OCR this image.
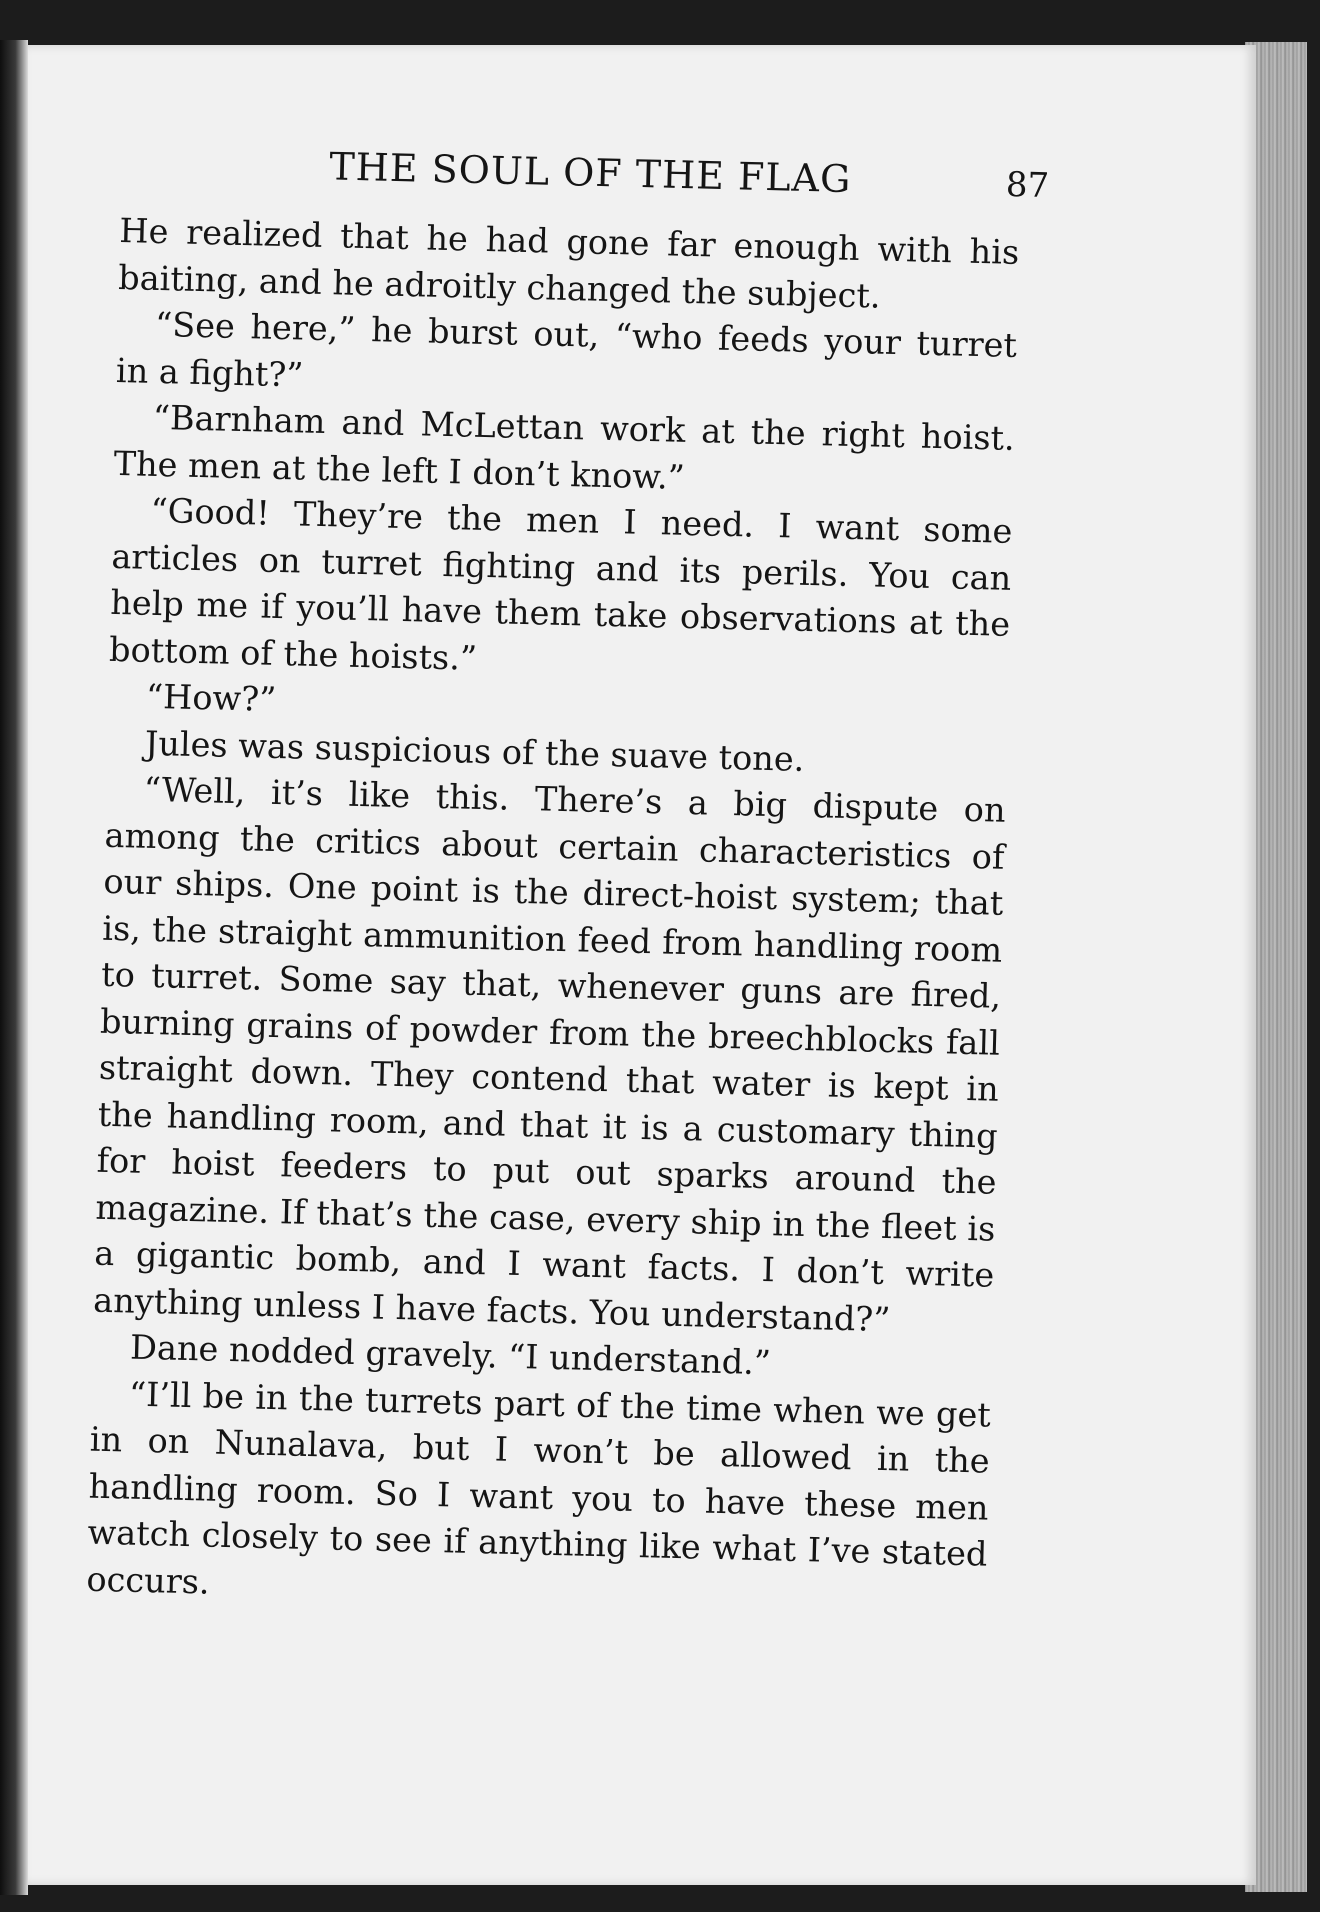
THE SOUL OF THE FLAG	87

He realized that he had gone far enough with his baiting, and he adroitly changed the subject.

“See here,” he burst out, “who feeds your turret in a fight?”

“Barnham and McLettan work at the right hoist. The men at the left I don’t know.”

“Good! They’re the men I need. I want some articles on turret fighting and its perils. You can help me if you’ll have them take observations at the bottom of the hoists.”

“How?”

Jules was suspicious of the suave tone.

“Well, it’s like this. There’s a big dispute on among the critics about certain characteristics of our ships. One point is the direct-hoist system; that is, the straight ammunition feed from handling room to turret. Some say that, whenever guns are fired, burning grains of powder from the breechblocks fall straight down. They contend that water is kept in the handling room, and that it is a customary thing for hoist feeders to put out sparks around the magazine. If that’s the case, every ship in the fleet is a gigantic bomb, and I want facts. I don’t write anything unless I have facts. You understand?”

Dane nodded gravely. “I understand.”

“I’ll be in the turrets part of the time when we get in on Nunalava, but I won’t be allowed in the handling room. So I want you to have these men watch closely to see if anything like what I’ve stated occurs.
